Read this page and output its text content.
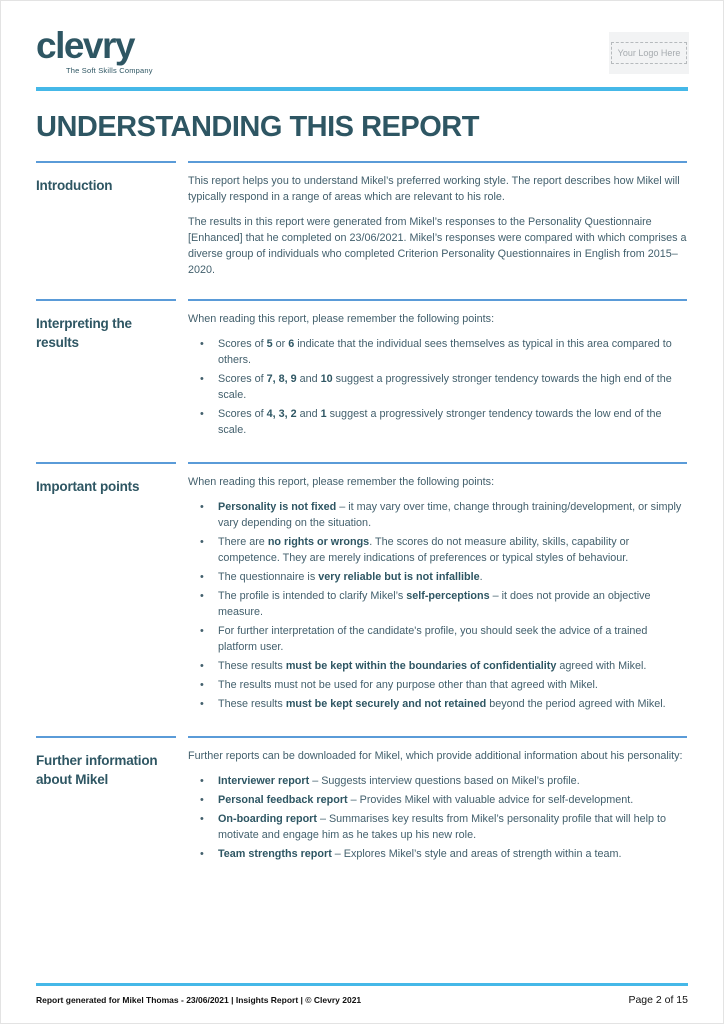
clevry
The Soft Skills Company
Your Logo Here
UNDERSTANDING THIS REPORT
Introduction	This report helps you to understand Mikel’s preferred working style. The report describes how Mikel will typically respond in a range of areas which are relevant to his role.

The results in this report were generated from Mikel’s responses to the Personality Questionnaire [Enhanced] that he completed on 23/06/2021. Mikel’s responses were compared with which comprises a diverse group of individuals who completed Criterion Personality Questionnaires in English from 2015–2020.

Interpreting the results

When reading this report, please remember the following points:

• Scores of 5 or 6 indicate that the individual sees themselves as typical in this area compared to others.
• Scores of 7, 8, 9 and 10 suggest a progressively stronger tendency towards the high end of the scale.
• Scores of 4, 3, 2 and 1 suggest a progressively stronger tendency towards the low end of the scale.
Important points	When reading this report, please remember the following points:

• Personality is not fixed – it may vary over time, change through training/development, or simply vary depending on the situation.
• There are no rights or wrongs. The scores do not measure ability, skills, capability or competence. They are merely indications of preferences or typical styles of behaviour.
• The questionnaire is very reliable but is not infallible.
• The profile is intended to clarify Mikel’s self-perceptions – it does not provide an objective measure.
• For further interpretation of the candidate's profile, you should seek the advice of a trained platform user.
• These results must be kept within the boundaries of confidentiality agreed with Mikel.
• The results must not be used for any purpose other than that agreed with Mikel.
• These results must be kept securely and not retained beyond the period agreed with Mikel.
Further information about Mikel

Further reports can be downloaded for Mikel, which provide additional information about his personality:

• Interviewer report – Suggests interview questions based on Mikel’s profile.
• Personal feedback report – Provides Mikel with valuable advice for self-development.
• On-boarding report – Summarises key results from Mikel’s personality profile that will help to motivate and engage him as he takes up his new role.
• Team strengths report – Explores Mikel’s style and areas of strength within a team.
Report generated for Mikel Thomas - 23/06/2021 | Insights Report | © Clevry 2021	Page 2 of 15
